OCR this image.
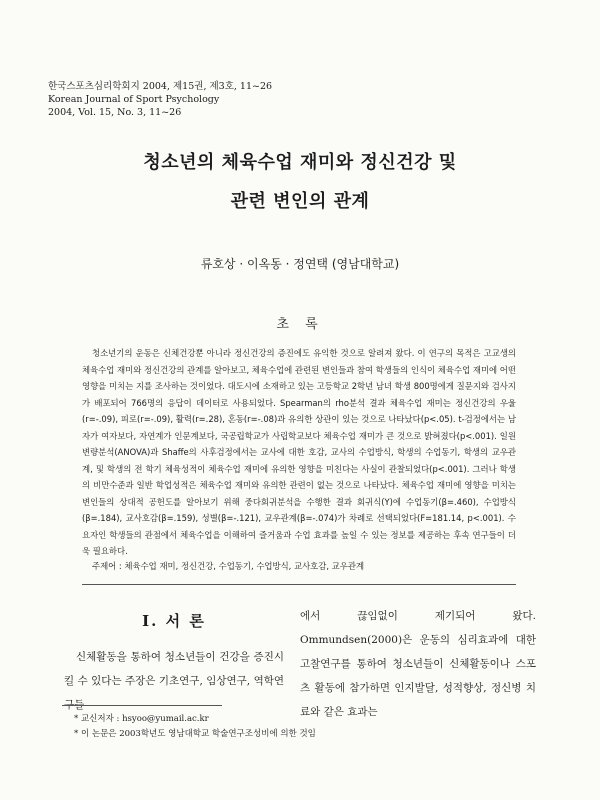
한국스포츠심리학회지 2004, 제15권, 제3호, 11~26
Korean Journal of Sport Psychology
2004, Vol. 15, No. 3, 11~26
청소년의 체육수업 재미와 정신건강 및
관련 변인의 관계
류호상 · 이옥동 · 정연택 (영남대학교)
초 록

청소년기의 운동은 신체건강뿐 아니라 정신건강의 증진에도 유익한 것으로 알려져 왔다. 이 연구의 목적은 고교생의 체육수업 재미와 정신건강의 관계를 알아보고, 체육수업에 관련된 변인들과 참여 학생들의 인식이 체육수업 재미에 어떤 영향을 미치는 지를 조사하는 것이었다. 대도시에 소재하고 있는 고등학교 2학년 남녀 학생 800명에게 질문지와 검사지가 배포되어 766명의 응답이 데이터로 사용되었다. Spearman의 rho분석 결과 체육수업 재미는 정신건강의 우울(r=-.09), 피로(r=-.09), 활력(r=.28), 혼동(r=-.08)과 유의한 상관이 있는 것으로 나타났다(p<.05). t-검정에서는 남자가 여자보다, 자연계가 인문계보다, 국공립학교가 사립학교보다 체육수업 재미가 큰 것으로 밝혀졌다(p<.001). 일원변량분석(ANOVA)과 Shaffe의 사후검정에서는 교사에 대한 호감, 교사의 수업방식, 학생의 수업동기, 학생의 교우관계, 및 학생의 전 학기 체육성적이 체육수업 재미에 유의한 영향을 미친다는 사실이 관찰되었다(p<.001). 그러나 학생의 비만수준과 일반 학업성적은 체육수업 재미와 유의한 관련이 없는 것으로 나타났다. 체육수업 재미에 영향을 미치는 변인들의 상대적 공헌도를 알아보기 위해 중다회귀분석을 수행한 결과 회귀식(Y)에 수업동기(β=.460), 수업방식(β=.184), 교사호감(β=.159), 성별(β=-.121), 교우관계(β=-.074)가 차례로 선택되었다(F=181.14, p<.001). 수요자인 학생들의 관점에서 체육수업을 이해하여 즐거움과 수업 효과를 높일 수 있는 정보를 제공하는 후속 연구들이 더욱 필요하다.

주제어 : 체육수업 재미, 정신건강, 수업동기, 수업방식, 교사호감, 교우관계
I. 서 론

신체활동을 통하여 청소년들이 건강을 증진시킬 수 있다는 주장은 기초연구, 임상연구, 역학연구들

에서 끊임없이 제기되어 왔다. Ommundsen(2000)은 운동의 심리효과에 대한 고찰연구를 통하여 청소년들이 신체활동이나 스포츠 활동에 참가하면 인지발달, 성적향상, 정신병 치료와 같은 효과는

* 교신저자 : hsyoo@yumail.ac.kr
* 이 논문은 2003학년도 영남대학교 학술연구조성비에 의한 것임
